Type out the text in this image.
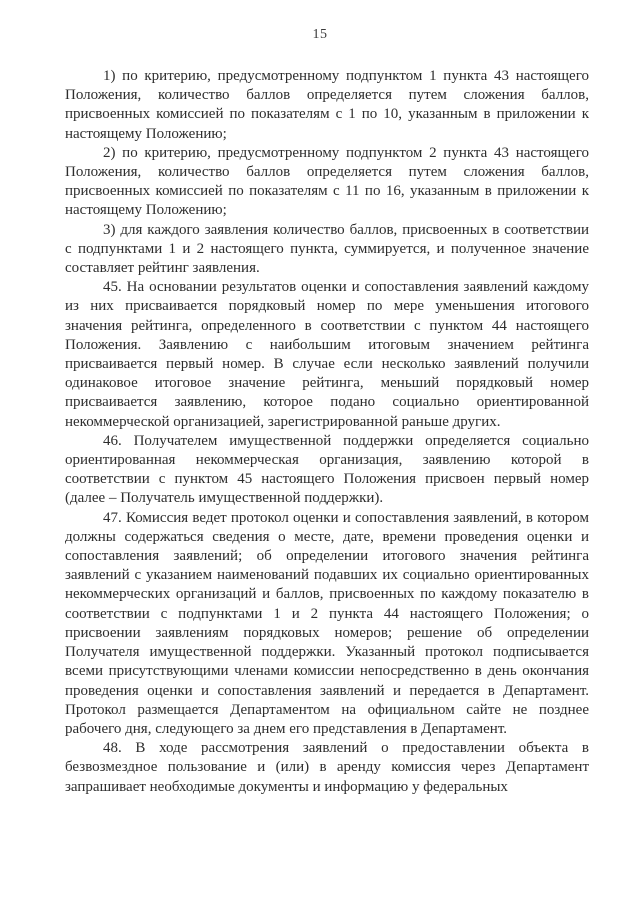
15

1) по критерию, предусмотренному подпунктом 1 пункта 43 настоящего Положения, количество баллов определяется путем сложения баллов, присвоенных комиссией по показателям с 1 по 10, указанным в приложении к настоящему Положению;

2) по критерию, предусмотренному подпунктом 2 пункта 43 настоящего Положения, количество баллов определяется путем сложения баллов, присвоенных комиссией по показателям с 11 по 16, указанным в приложении к настоящему Положению;

3) для каждого заявления количество баллов, присвоенных в соответствии с подпунктами 1 и 2 настоящего пункта, суммируется, и полученное значение составляет рейтинг заявления.

45. На основании результатов оценки и сопоставления заявлений каждому из них присваивается порядковый номер по мере уменьшения итогового значения рейтинга, определенного в соответствии с пунктом 44 настоящего Положения. Заявлению с наибольшим итоговым значением рейтинга присваивается первый номер. В случае если несколько заявлений получили одинаковое итоговое значение рейтинга, меньший порядковый номер присваивается заявлению, которое подано социально ориентированной некоммерческой организацией, зарегистрированной раньше других.

46. Получателем имущественной поддержки определяется социально ориентированная некоммерческая организация, заявлению которой в соответствии с пунктом 45 настоящего Положения присвоен первый номер (далее – Получатель имущественной поддержки).

47. Комиссия ведет протокол оценки и сопоставления заявлений, в котором должны содержаться сведения о месте, дате, времени проведения оценки и сопоставления заявлений; об определении итогового значения рейтинга заявлений с указанием наименований подавших их социально ориентированных некоммерческих организаций и баллов, присвоенных по каждому показателю в соответствии с подпунктами 1 и 2 пункта 44 настоящего Положения; о присвоении заявлениям порядковых номеров; решение об определении Получателя имущественной поддержки. Указанный протокол подписывается всеми присутствующими членами комиссии непосредственно в день окончания проведения оценки и сопоставления заявлений и передается в Департамент. Протокол размещается Департаментом на официальном сайте не позднее рабочего дня, следующего за днем его представления в Департамент.

48. В ходе рассмотрения заявлений о предоставлении объекта в безвозмездное пользование и (или) в аренду комиссия через Департамент запрашивает необходимые документы и информацию у федеральных
